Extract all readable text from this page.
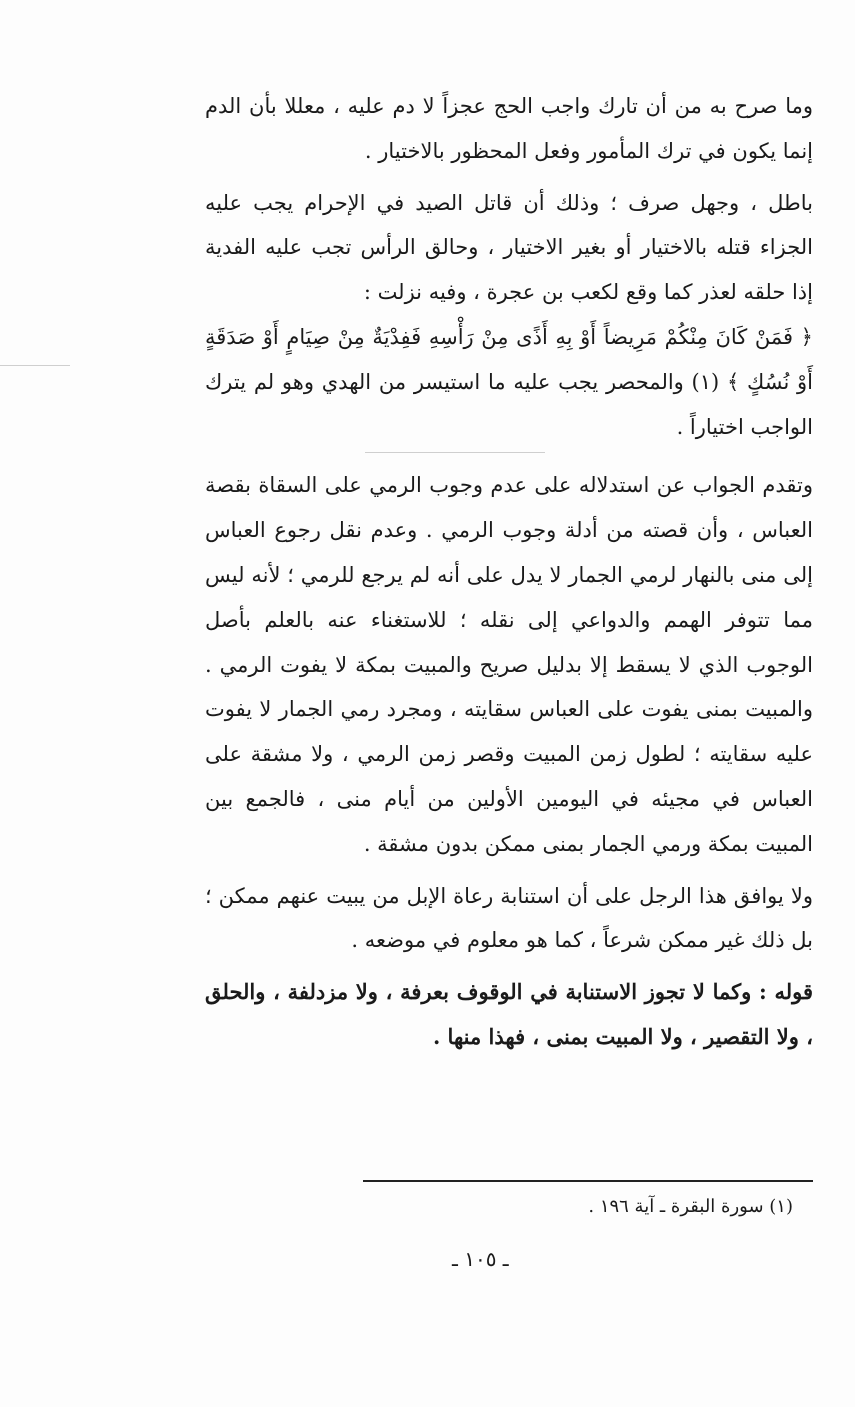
وما صرح به من أن تارك واجب الحج عجزاً لا دم عليه ، معللا بأن الدم إنما يكون في ترك المأمور وفعل المحظور بالاختيار .

باطل ، وجهل صرف ؛ وذلك أن قاتل الصيد في الإحرام يجب عليه الجزاء قتله بالاختيار أو بغير الاختيار ، وحالق الرأس تجب عليه الفدية إذا حلقه لعذر كما وقع لكعب بن عجرة ، وفيه نزلت :

﴿ فَمَنْ كَانَ مِنْكُمْ مَرِيضاً أَوْ بِهِ أَذًى مِنْ رَأْسِهِ فَفِدْيَةٌ مِنْ صِيَامٍ أَوْ صَدَقَةٍ أَوْ نُسُكٍ ﴾ (١) والمحصر يجب عليه ما استيسر من الهدي وهو لم يترك الواجب اختياراً .

وتقدم الجواب عن استدلاله على عدم وجوب الرمي على السقاة بقصة العباس ، وأن قصته من أدلة وجوب الرمي . وعدم نقل رجوع العباس إلى منى بالنهار لرمي الجمار لا يدل على أنه لم يرجع للرمي ؛ لأنه ليس مما تتوفر الهمم والدواعي إلى نقله ؛ للاستغناء عنه بالعلم بأصل الوجوب الذي لا يسقط إلا بدليل صريح والمبيت بمكة لا يفوت الرمي . والمبيت بمنى يفوت على العباس سقايته ، ومجرد رمي الجمار لا يفوت عليه سقايته ؛ لطول زمن المبيت وقصر زمن الرمي ، ولا مشقة على العباس في مجيئه في اليومين الأولين من أيام منى ، فالجمع بين المبيت بمكة ورمي الجمار بمنى ممكن بدون مشقة .

ولا يوافق هذا الرجل على أن استنابة رعاة الإبل من يبيت عنهم ممكن ؛ بل ذلك غير ممكن شرعاً ، كما هو معلوم في موضعه .

قوله : وكما لا تجوز الاستنابة في الوقوف بعرفة ، ولا مزدلفة ، والحلق ، ولا التقصير ، ولا المبيت بمنى ، فهذا منها .

(١) سورة البقرة ـ آية ١٩٦ .
ـ ١٠٥ ـ
